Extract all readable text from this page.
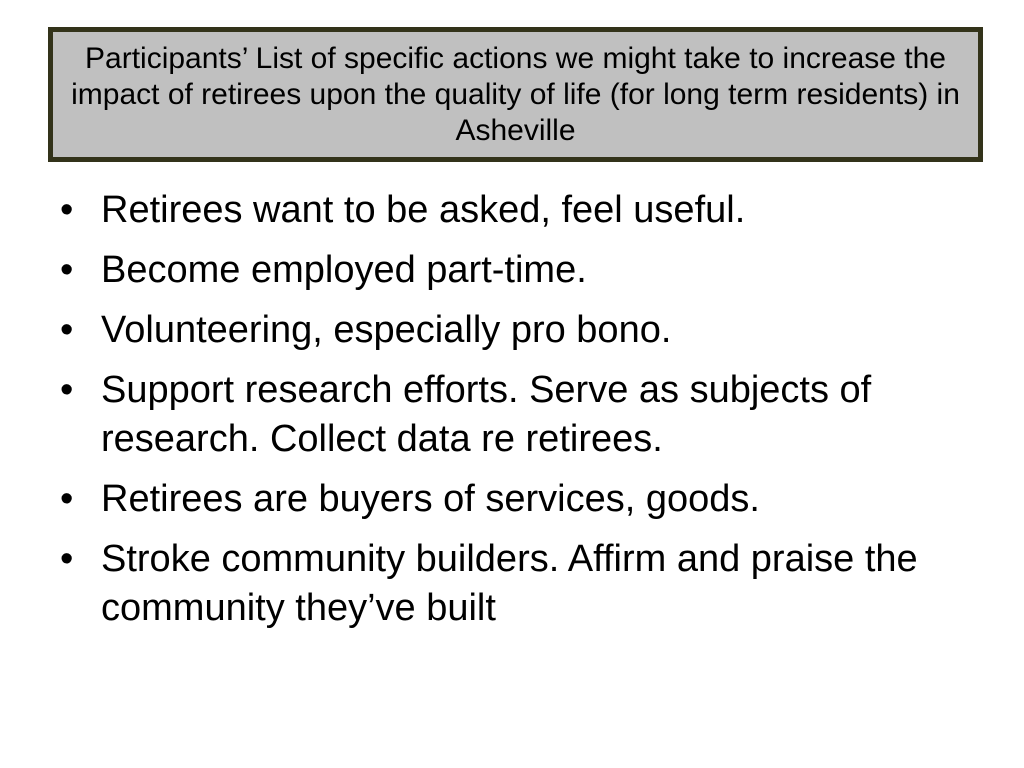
Participants’ List of specific actions we might take to increase the impact of retirees upon the quality of life (for long term residents) in Asheville
• Retirees want to be asked, feel useful.
• Become employed part-time.
• Volunteering, especially pro bono.
• Support research efforts. Serve as subjects of research. Collect data re retirees.
• Retirees are buyers of services, goods.
• Stroke community builders. Affirm and praise the community they’ve built
